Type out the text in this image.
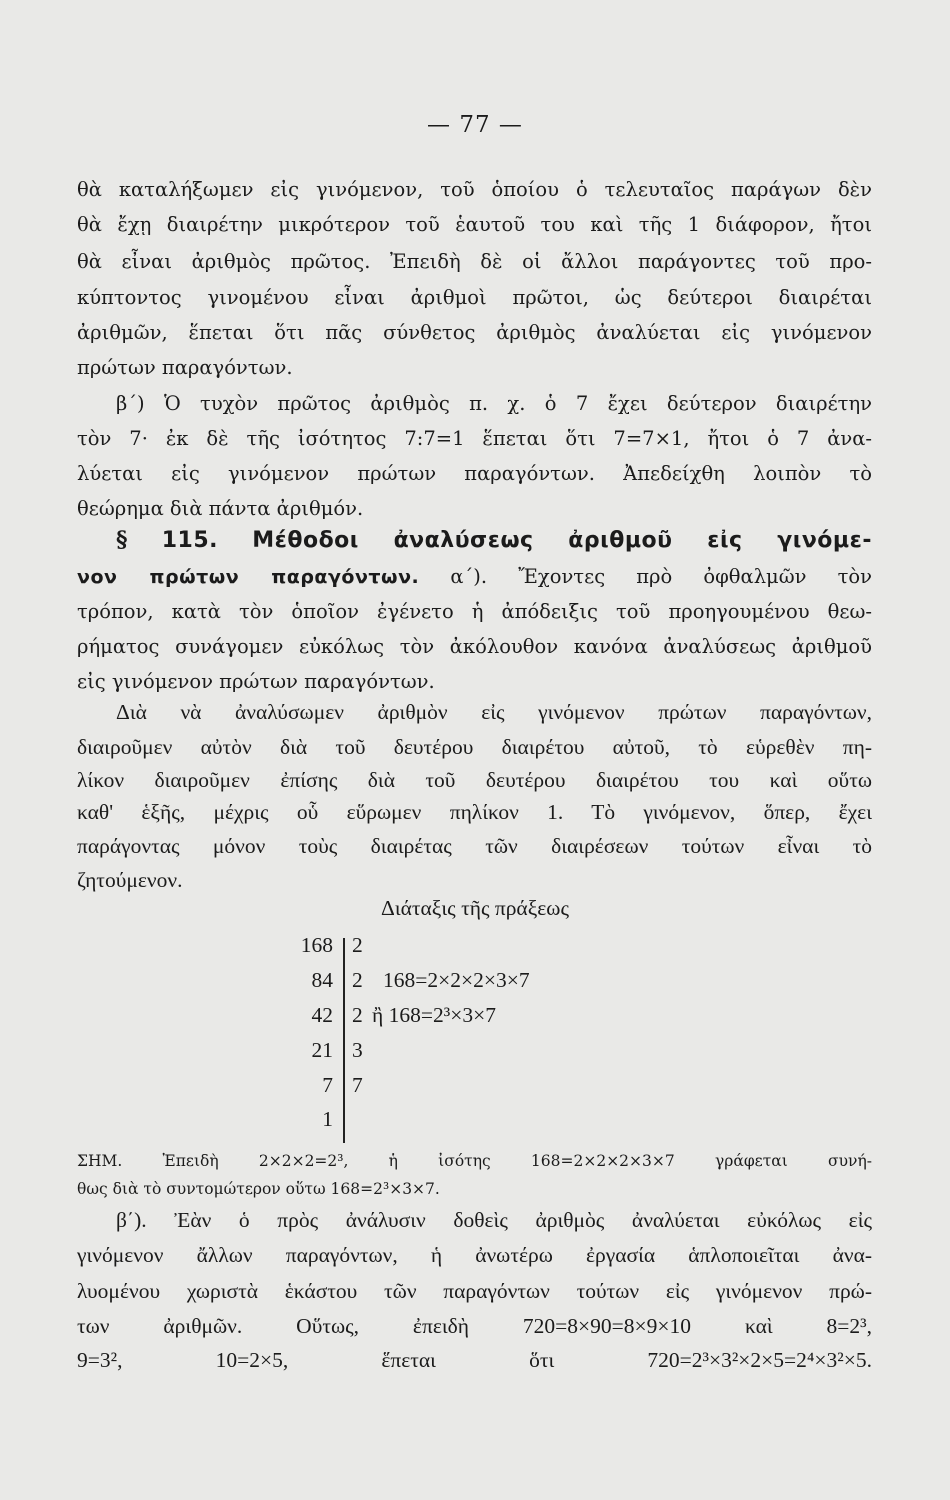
— 77 —
θὰ καταλήξωμεν εἰς γινόμενον, τοῦ ὁποίου ὁ τελευταῖος παράγων δὲν
θὰ ἔχῃ διαιρέτην μικρότερον τοῦ ἑαυτοῦ του καὶ τῆς 1 διάφορον, ἤτοι
θὰ εἶναι ἀριθμὸς πρῶτος. Ἐπειδὴ δὲ οἱ ἄλλοι παράγοντες τοῦ προ-
κύπτοντος γινομένου εἶναι ἀριθμοὶ πρῶτοι, ὡς δεύτεροι διαιρέται
ἀριθμῶν, ἕπεται ὅτι πᾶς σύνθετος ἀριθμὸς ἀναλύεται εἰς γινόμενον
πρώτων παραγόντων.
β΄) Ὁ τυχὸν πρῶτος ἀριθμὸς π. χ. ὁ 7 ἔχει δεύτερον διαιρέτην
τὸν 7· ἐκ δὲ τῆς ἰσότητος 7:7=1 ἕπεται ὅτι 7=7×1, ἤτοι ὁ 7 ἀνα-
λύεται εἰς γινόμενον πρώτων παραγόντων. Ἀπεδείχθη λοιπὸν τὸ
θεώρημα διὰ πάντα ἀριθμόν.
§ 115. Μέθοδοι ἀναλύσεως ἀριθμοῦ εἰς γινόμε-
νον πρώτων παραγόντων. α΄). Ἔχοντες πρὸ ὀφθαλμῶν τὸν
τρόπον, κατὰ τὸν ὁποῖον ἐγένετο ἡ ἀπόδειξις τοῦ προηγουμένου θεω-
ρήματος συνάγομεν εὐκόλως τὸν ἀκόλουθον κανόνα ἀναλύσεως ἀριθμοῦ
εἰς γινόμενον πρώτων παραγόντων.
Διὰ νὰ ἀναλύσωμεν ἀριθμὸν εἰς γινόμενον πρώτων παραγόντων,
διαιροῦμεν αὐτὸν διὰ τοῦ δευτέρου διαιρέτου αὐτοῦ, τὸ εὑρεθὲν πη-
λίκον διαιροῦμεν ἐπίσης διὰ τοῦ δευτέρου διαιρέτου του καὶ οὕτω
καθ' ἑξῆς, μέχρις οὗ εὕρωμεν πηλίκον 1. Τὸ γινόμενον, ὅπερ, ἔχει
παράγοντας μόνον τοὺς διαιρέτας τῶν διαιρέσεων τούτων εἶναι τὸ
ζητούμενον.
Διάταξις τῆς πράξεως
168
84
42
21
7
1
2
2
2
3
7
168=2×2×2×3×7
ἢ 168=2³×3×7
ΣΗΜ. Ἐπειδὴ 2×2×2=2³, ἡ ἰσότης 168=2×2×2×3×7 γράφεται συνή-
θως διὰ τὸ συντομώτερον οὕτω 168=2³×3×7.
β΄). Ἐὰν ὁ πρὸς ἀνάλυσιν δοθεὶς ἀριθμὸς ἀναλύεται εὐκόλως εἰς
γινόμενον ἄλλων παραγόντων, ἡ ἀνωτέρω ἐργασία ἁπλοποιεῖται ἀνα-
λυομένου χωριστὰ ἑκάστου τῶν παραγόντων τούτων εἰς γινόμενον πρώ-
των ἀριθμῶν. Οὕτως, ἐπειδὴ 720=8×90=8×9×10 καὶ 8=2³,
9=3², 10=2×5, ἕπεται ὅτι 720=2³×3²×2×5=2⁴×3²×5.
